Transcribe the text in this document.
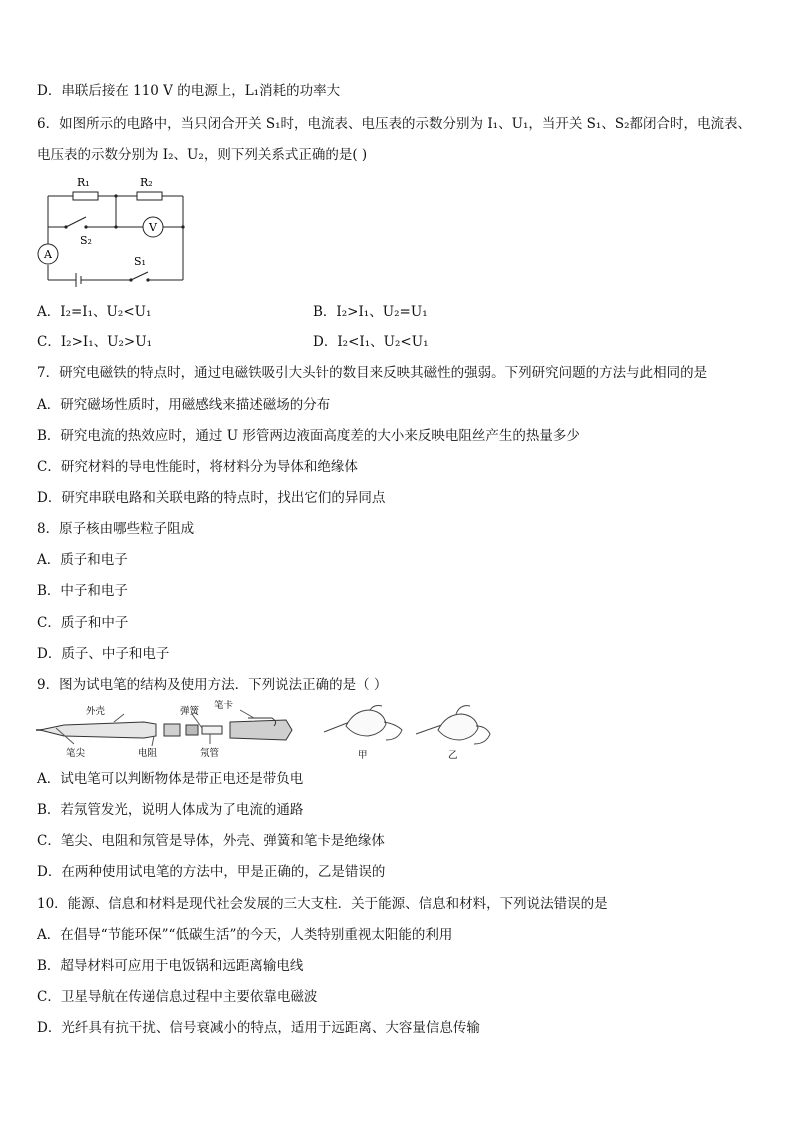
D．串联后接在 110 V 的电源上，L₁消耗的功率大
6．如图所示的电路中，当只闭合开关 S₁时，电流表、电压表的示数分别为 I₁、U₁，当开关 S₁、S₂都闭合时，电流表、
电压表的示数分别为 I₂、U₂，则下列关系式正确的是( )
R₁	R₂
S₂
S₁
V
A
A．I₂=I₁、U₂<U₁	B．I₂>I₁、U₂=U₁
C．I₂>I₁、U₂>U₁	D．I₂<I₁、U₂<U₁
7．研究电磁铁的特点时，通过电磁铁吸引大头针的数目来反映其磁性的强弱。下列研究问题的方法与此相同的是
A．研究磁场性质时，用磁感线来描述磁场的分布
B．研究电流的热效应时，通过 U 形管两边液面高度差的大小来反映电阻丝产生的热量多少
C．研究材料的导电性能时，将材料分为导体和绝缘体
D．研究串联电路和关联电路的特点时，找出它们的异同点
8．原子核由哪些粒子阻成
A．质子和电子
B．中子和电子
C．质子和中子
D．质子、中子和电子
9．图为试电笔的结构及使用方法．下列说法正确的是（ ）
外壳	弹簧
笔卡
笔尖	电阻	氖管	甲	乙
A．试电笔可以判断物体是带正电还是带负电
B．若氖管发光，说明人体成为了电流的通路
C．笔尖、电阻和氖管是导体，外壳、弹簧和笔卡是绝缘体
D．在两种使用试电笔的方法中，甲是正确的，乙是错误的
10．能源、信息和材料是现代社会发展的三大支柱．关于能源、信息和材料，下列说法错误的是
A．在倡导“节能环保”“低碳生活”的今天，人类特别重视太阳能的利用
B．超导材料可应用于电饭锅和远距离输电线
C．卫星导航在传递信息过程中主要依靠电磁波
D．光纤具有抗干扰、信号衰减小的特点，适用于远距离、大容量信息传输
